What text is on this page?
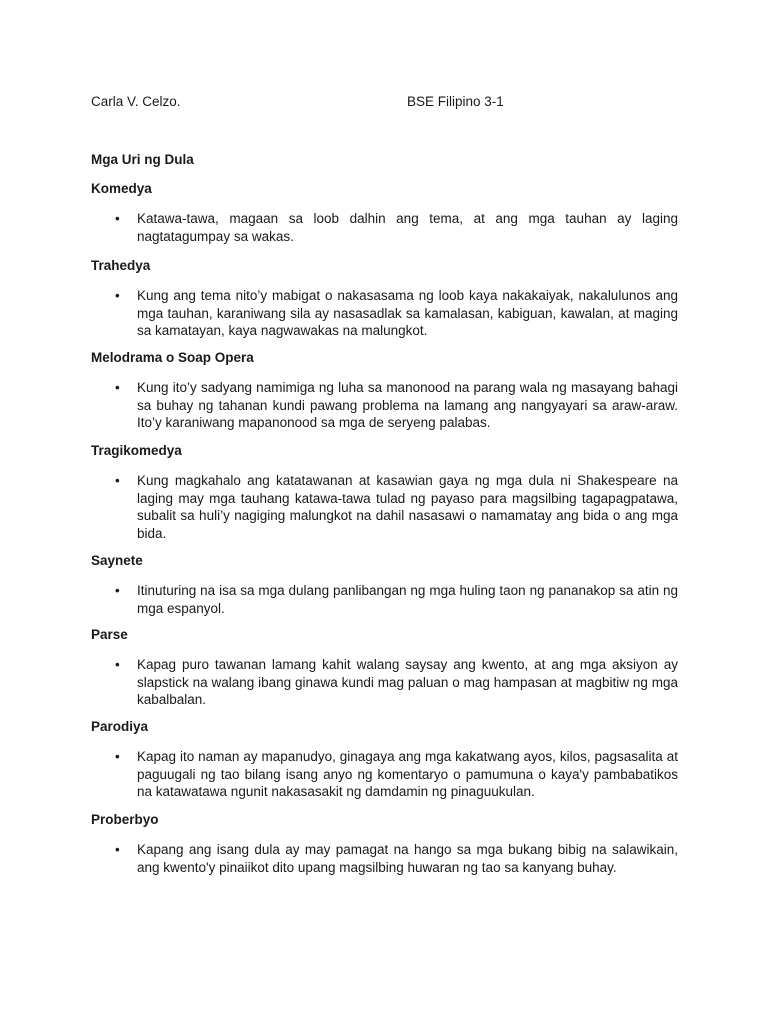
Carla V. Celzo.	BSE Filipino 3-1
Mga Uri ng Dula

Komedya

• Katawa-tawa, magaan sa loob dalhin ang tema, at ang mga tauhan ay laging nagtatagumpay sa wakas.

Trahedya

• Kung ang tema nito’y mabigat o nakasasama ng loob kaya nakakaiyak, nakalulunos ang mga tauhan, karaniwang sila ay nasasadlak sa kamalasan, kabiguan, kawalan, at maging sa kamatayan, kaya nagwawakas na malungkot.

Melodrama o Soap Opera

• Kung ito’y sadyang namimiga ng luha sa manonood na parang wala ng masayang bahagi sa buhay ng tahanan kundi pawang problema na lamang ang nangyayari sa araw-araw. Ito’y karaniwang mapanonood sa mga de seryeng palabas.

Tragikomedya

• Kung magkahalo ang katatawanan at kasawian gaya ng mga dula ni Shakespeare na laging may mga tauhang katawa-tawa tulad ng payaso para magsilbing tagapagpatawa, subalit sa huli’y nagiging malungkot na dahil nasasawi o namamatay ang bida o ang mga bida.

Saynete

• Itinuturing na isa sa mga dulang panlibangan ng mga huling taon ng pananakop sa atin ng mga espanyol.

Parse

• Kapag puro tawanan lamang kahit walang saysay ang kwento, at ang mga aksiyon ay slapstick na walang ibang ginawa kundi mag paluan o mag hampasan at magbitiw ng mga kabalbalan.

Parodiya

• Kapag ito naman ay mapanudyo, ginagaya ang mga kakatwang ayos, kilos, pagsasalita at paguugali ng tao bilang isang anyo ng komentaryo o pamumuna o kaya'y pambabatikos na katawatawa ngunit nakasasakit ng damdamin ng pinaguukulan.

Proberbyo

• Kapang ang isang dula ay may pamagat na hango sa mga bukang bibig na salawikain, ang kwento'y pinaiikot dito upang magsilbing huwaran ng tao sa kanyang buhay.
